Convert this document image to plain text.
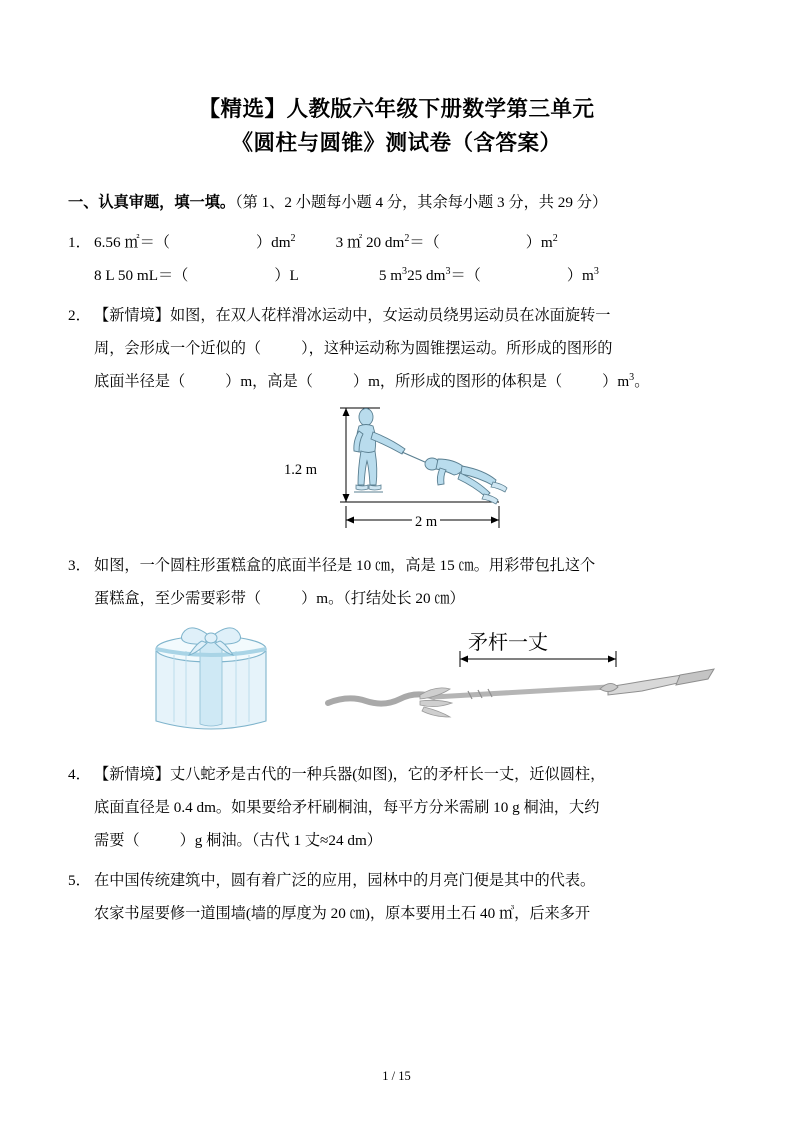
【精选】人教版六年级下册数学第三单元
《圆柱与圆锥》测试卷（含答案）
一、认真审题，填一填。（第 1、2 小题每小题 4 分，其余每小题 3 分，共 29 分）
1． 6.56 ㎡＝（	）$dm^2$	3 ㎡ 20 $dm^2=$（	）$m^2$
8 L 50 mL＝（	）L	5 $m^325$ $dm^3=$（	）$m^3$
2． 【新情境】如图，在双人花样滑冰运动中，女运动员绕男运动员在冰面旋转一
周，会形成一个近似的（	），这种运动称为圆锥摆运动。所形成的图形的
底面半径是（	）m，高是（	）m，所形成的图形的体积是（	）$m^3$。
1.2 m
2 m
3． 如图，一个圆柱形蛋糕盒的底面半径是 10 ㎝，高是 15 ㎝。用彩带包扎这个
蛋糕盒，至少需要彩带（	）m。（打结处长 20 ㎝）
矛杆一丈
4． 【新情境】丈八蛇矛是古代的一种兵器(如图)，它的矛杆长一丈，近似圆柱，
底面直径是 0.4 dm。如果要给矛杆刷桐油，每平方分米需刷 10 g 桐油，大约
需要（	）g 桐油。（古代 1 丈≈24 dm）
5． 在中国传统建筑中，圆有着广泛的应用，园林中的月亮门便是其中的代表。
农家书屋要修一道围墙(墙的厚度为 20 ㎝)，原本要用土石 40 ㎥，后来多开
1 / 15
